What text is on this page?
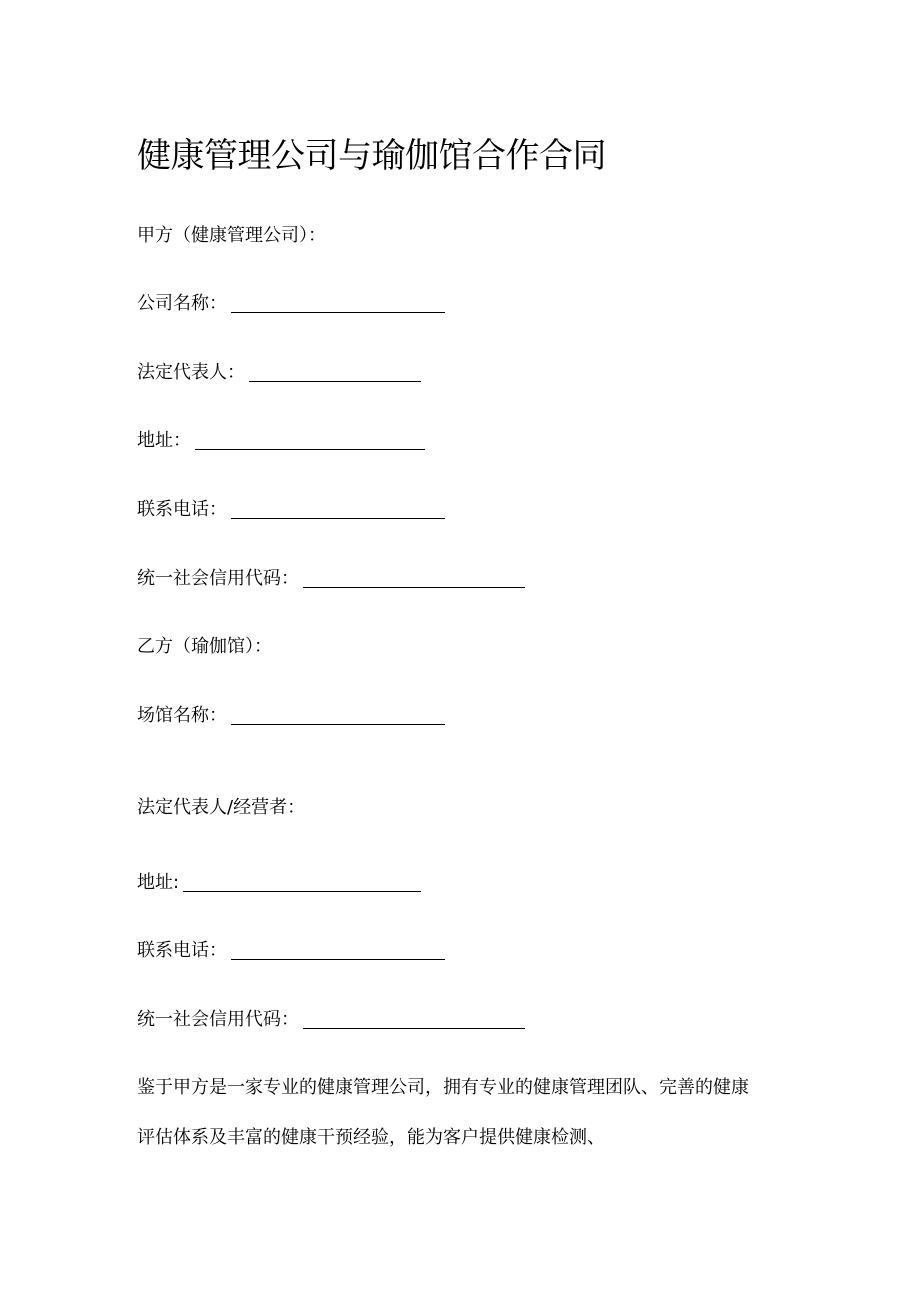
健康管理公司与瑜伽馆合作合同
甲方（健康管理公司）：
公司名称：
法定代表人：
地址：
联系电话：
统一社会信用代码：
乙方（瑜伽馆）：
场馆名称：
法定代表人/经营者：
地址:
联系电话：
统一社会信用代码：
鉴于甲方是一家专业的健康管理公司，拥有专业的健康管理团队、完善的健康
评估体系及丰富的健康干预经验，能为客户提供健康检测、
